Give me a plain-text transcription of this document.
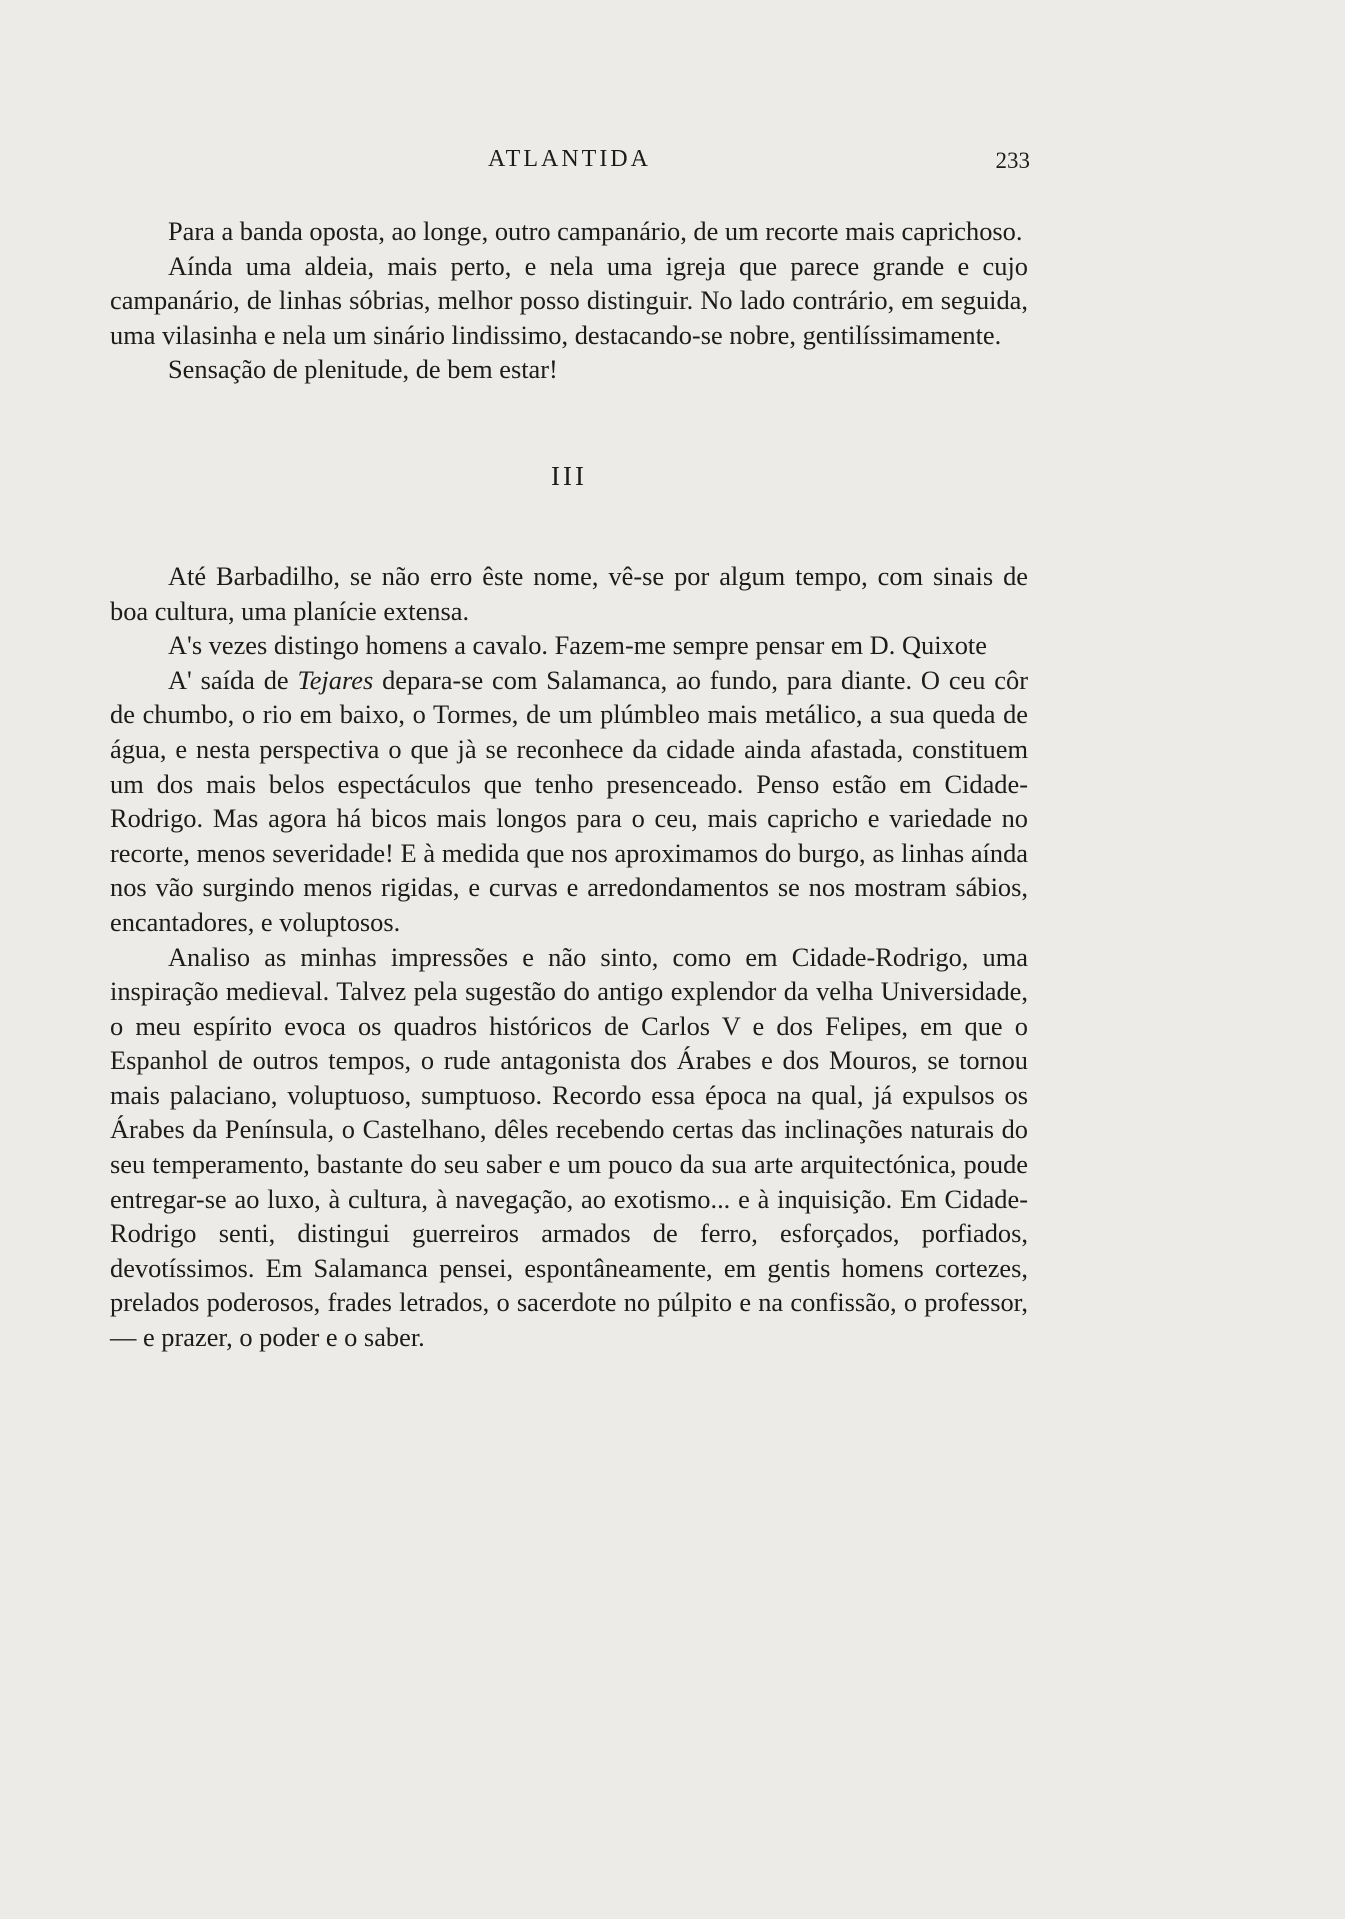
ATLANTIDA	233

Para a banda oposta, ao longe, outro campanário, de um recorte mais caprichoso.

Aínda uma aldeia, mais perto, e nela uma igreja que parece grande e cujo campanário, de linhas sóbrias, melhor posso distinguir. No lado contrário, em seguida, uma vilasinha e nela um sinário lindissimo, destacando-se nobre, gentilíssimamente.

Sensação de plenitude, de bem estar!

III

Até Barbadilho, se não erro êste nome, vê-se por algum tempo, com sinais de boa cultura, uma planície extensa.

A's vezes distingo homens a cavalo. Fazem-me sempre pensar em D. Quixote

A' saída de Tejares depara-se com Salamanca, ao fundo, para diante. O ceu côr de chumbo, o rio em baixo, o Tormes, de um plúmbleo mais metálico, a sua queda de água, e nesta perspectiva o que jà se reconhece da cidade ainda afastada, constituem um dos mais belos espectáculos que tenho presenceado. Penso estão em Cidade-Rodrigo. Mas agora há bicos mais longos para o ceu, mais capricho e variedade no recorte, menos severidade! E à medida que nos aproximamos do burgo, as linhas aínda nos vão surgindo menos rigidas, e curvas e arredondamentos se nos mostram sábios, encantadores, e voluptosos.

Analiso as minhas impressões e não sinto, como em Cidade-Rodrigo, uma inspiração medieval. Talvez pela sugestão do antigo explendor da velha Universidade, o meu espírito evoca os quadros históricos de Carlos V e dos Felipes, em que o Espanhol de outros tempos, o rude antagonista dos Árabes e dos Mouros, se tornou mais palaciano, voluptuoso, sumptuoso. Recordo essa época na qual, já expulsos os Árabes da Península, o Castelhano, dêles recebendo certas das inclinações naturais do seu temperamento, bastante do seu saber e um pouco da sua arte arquitectónica, poude entregar-se ao luxo, à cultura, à navegação, ao exotismo... e à inquisição. Em Cidade-Rodrigo senti, distingui guerreiros armados de ferro, esforçados, porfiados, devotíssimos. Em Salamanca pensei, espontâneamente, em gentis homens cortezes, prelados poderosos, frades letrados, o sacerdote no púlpito e na confissão, o professor, — e prazer, o poder e o saber.
